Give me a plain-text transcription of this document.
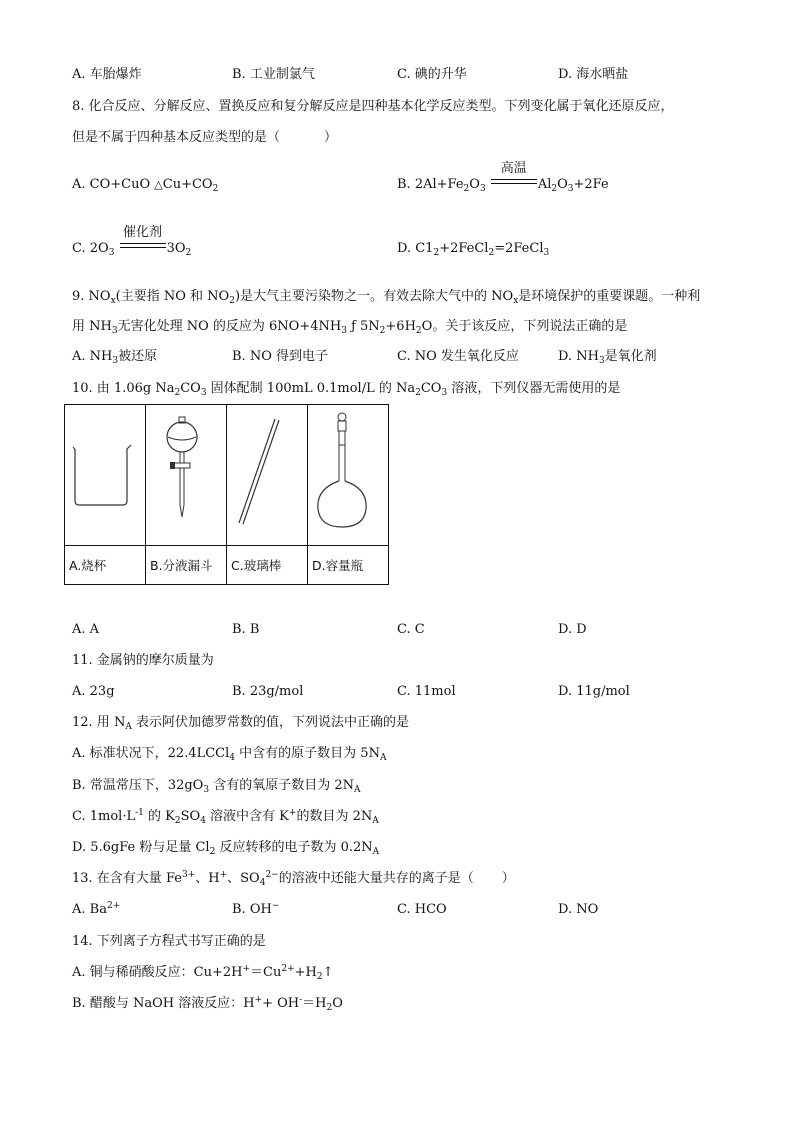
A. 车胎爆炸	B. 工业制氯气	C. 碘的升华	D. 海水晒盐
8. 化合反应、分解反应、置换反应和复分解反应是四种基本化学反应类型。下列变化属于氧化还原反应，
但是不属于四种基本反应类型的是（	）
A. CO+CuO $\triangle Cu+CO_2$	B. $2Al+Fe_2O_3$
高温
$Al_2O_3+2Fe$
C. $2O_3$
催化剂
$3O_2$	D. $C1_2+2FeCl_2=2FeCl_3$
9. $NO_x$(主要指 NO 和 $NO_2$)是大气主要污染物之一。有效去除大气中的 $NO_x$是环境保护的重要课题。一种利
用 $NH_3$无害化处理 NO 的反应为 $6NO+4NH_3$ ƒ $5N_2+6H_2O$。关于该反应，下列说法正确的是
A. $NH_3$被还原	B. NO 得到电子	C. NO 发生氧化反应	D. $NH_3$是氧化剂
10. 由 1.06g $Na_2CO_3$ 固体配制 100mL 0.1mol/L 的 $Na_2CO_3$ 溶液，下列仪器无需使用的是

A.烧杯	B.分液漏斗	C.玻璃棒	D.容量瓶
A. A	B. B	C. C	D. D
11. 金属钠的摩尔质量为
A. 23g	B. 23g/mol	C. 11mol	D. 11g/mol
12. 用 $N_A$ 表示阿伏加德罗常数的值，下列说法中正确的是
A. 标准状况下，22.4LCCl$_4$ 中含有的原子数目为 $5N_A$
B. 常温常压下，$32gO_3$ 含有的氧原子数目为 $2N_A$
C. $1mol\cdot L^{-1}$ 的 $K_2SO_4$ 溶液中含有 K+的数目为 $2N_A$
D. 5.6gFe 粉与足量 $Cl_2$ 反应转移的电子数为 $0.2N_A$
13. 在含有大量 $Fe^{3+}$、H+、$SO_4^{2-}$的溶液中还能大量共存的离子是（ ）
A. $Ba^{2+}$	B. OH−	C. HCO	D. NO
14. 下列离子方程式书写正确的是
A. 铜与稀硝酸反应：$Cu+2H^+=Cu^{2+}+H_2↑$
B. 醋酸与 NaOH 溶液反应：$H^++ OH^-=H_2O$
